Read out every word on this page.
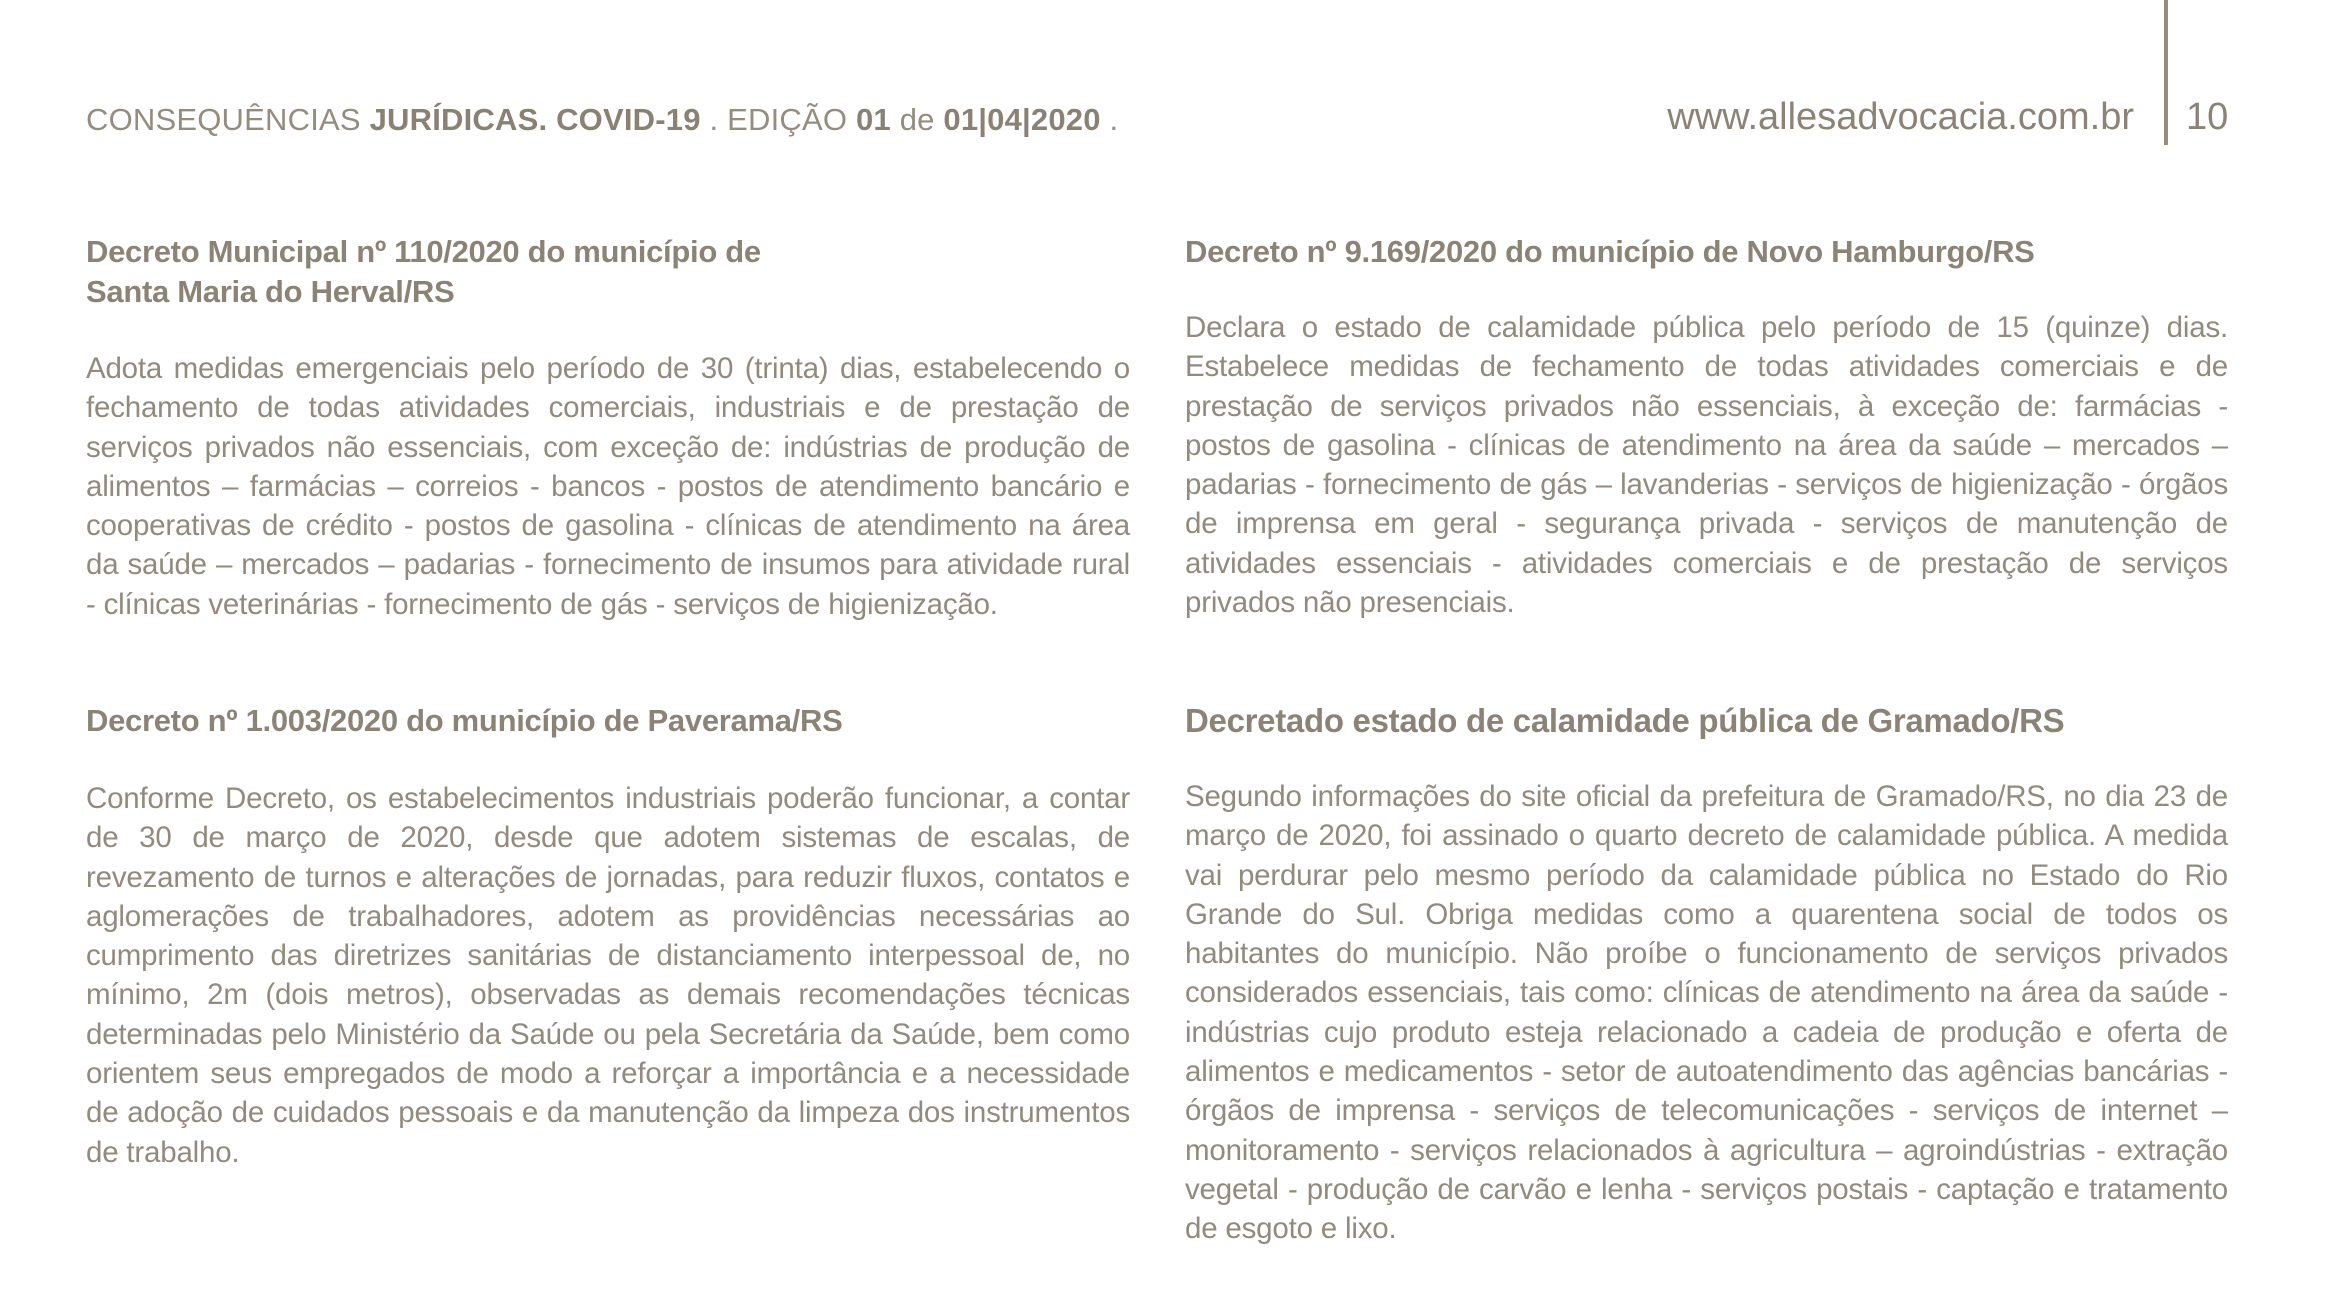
CONSEQUÊNCIAS JURÍDICAS. COVID-19 . EDIÇÃO 01 de 01|04|2020 .	www.allesadvocacia.com.br 10
Decreto Municipal nº 110/2020 do município de
Santa Maria do Herval/RS

Adota medidas emergenciais pelo período de 30 (trinta) dias, estabelecendo o fechamento de todas atividades comerciais, industriais e de prestação de serviços privados não essenciais, com exceção de: indústrias de produção de alimentos – farmácias – correios - bancos - postos de atendimento bancário e cooperativas de crédito - postos de gasolina - clínicas de atendimento na área da saúde – mercados – padarias - fornecimento de insumos para atividade rural - clínicas veterinárias - fornecimento de gás - serviços de higienização.

Decreto nº 9.169/2020 do município de Novo Hamburgo/RS

Declara o estado de calamidade pública pelo período de 15 (quinze) dias. Estabelece medidas de fechamento de todas atividades comerciais e de prestação de serviços privados não essenciais, à exceção de: farmácias - postos de gasolina - clínicas de atendimento na área da saúde – mercados – padarias - fornecimento de gás – lavanderias - serviços de higienização - órgãos de imprensa em geral - segurança privada - serviços de manutenção de atividades essenciais - atividades comerciais e de prestação de serviços privados não presenciais.

Decreto nº 1.003/2020 do município de Paverama/RS

Conforme Decreto, os estabelecimentos industriais poderão funcionar, a contar de 30 de março de 2020, desde que adotem sistemas de escalas, de revezamento de turnos e alterações de jornadas, para reduzir fluxos, contatos e aglomerações de trabalhadores, adotem as providências necessárias ao cumprimento das diretrizes sanitárias de distanciamento interpessoal de, no mínimo, 2m (dois metros), observadas as demais recomendações técnicas determinadas pelo Ministério da Saúde ou pela Secretária da Saúde, bem como orientem seus empregados de modo a reforçar a importância e a necessidade de adoção de cuidados pessoais e da manutenção da limpeza dos instrumentos de trabalho.

Decretado estado de calamidade pública de Gramado/RS

Segundo informações do site oficial da prefeitura de Gramado/RS, no dia 23 de março de 2020, foi assinado o quarto decreto de calamidade pública. A medida vai perdurar pelo mesmo período da calamidade pública no Estado do Rio Grande do Sul. Obriga medidas como a quarentena social de todos os habitantes do município. Não proíbe o funcionamento de serviços privados considerados essenciais, tais como: clínicas de atendimento na área da saúde - indústrias cujo produto esteja relacionado a cadeia de produção e oferta de alimentos e medicamentos - setor de autoatendimento das agências bancárias - órgãos de imprensa - serviços de telecomunicações - serviços de internet – monitoramento - serviços relacionados à agricultura – agroindústrias - extração vegetal - produção de carvão e lenha - serviços postais - captação e tratamento de esgoto e lixo.
